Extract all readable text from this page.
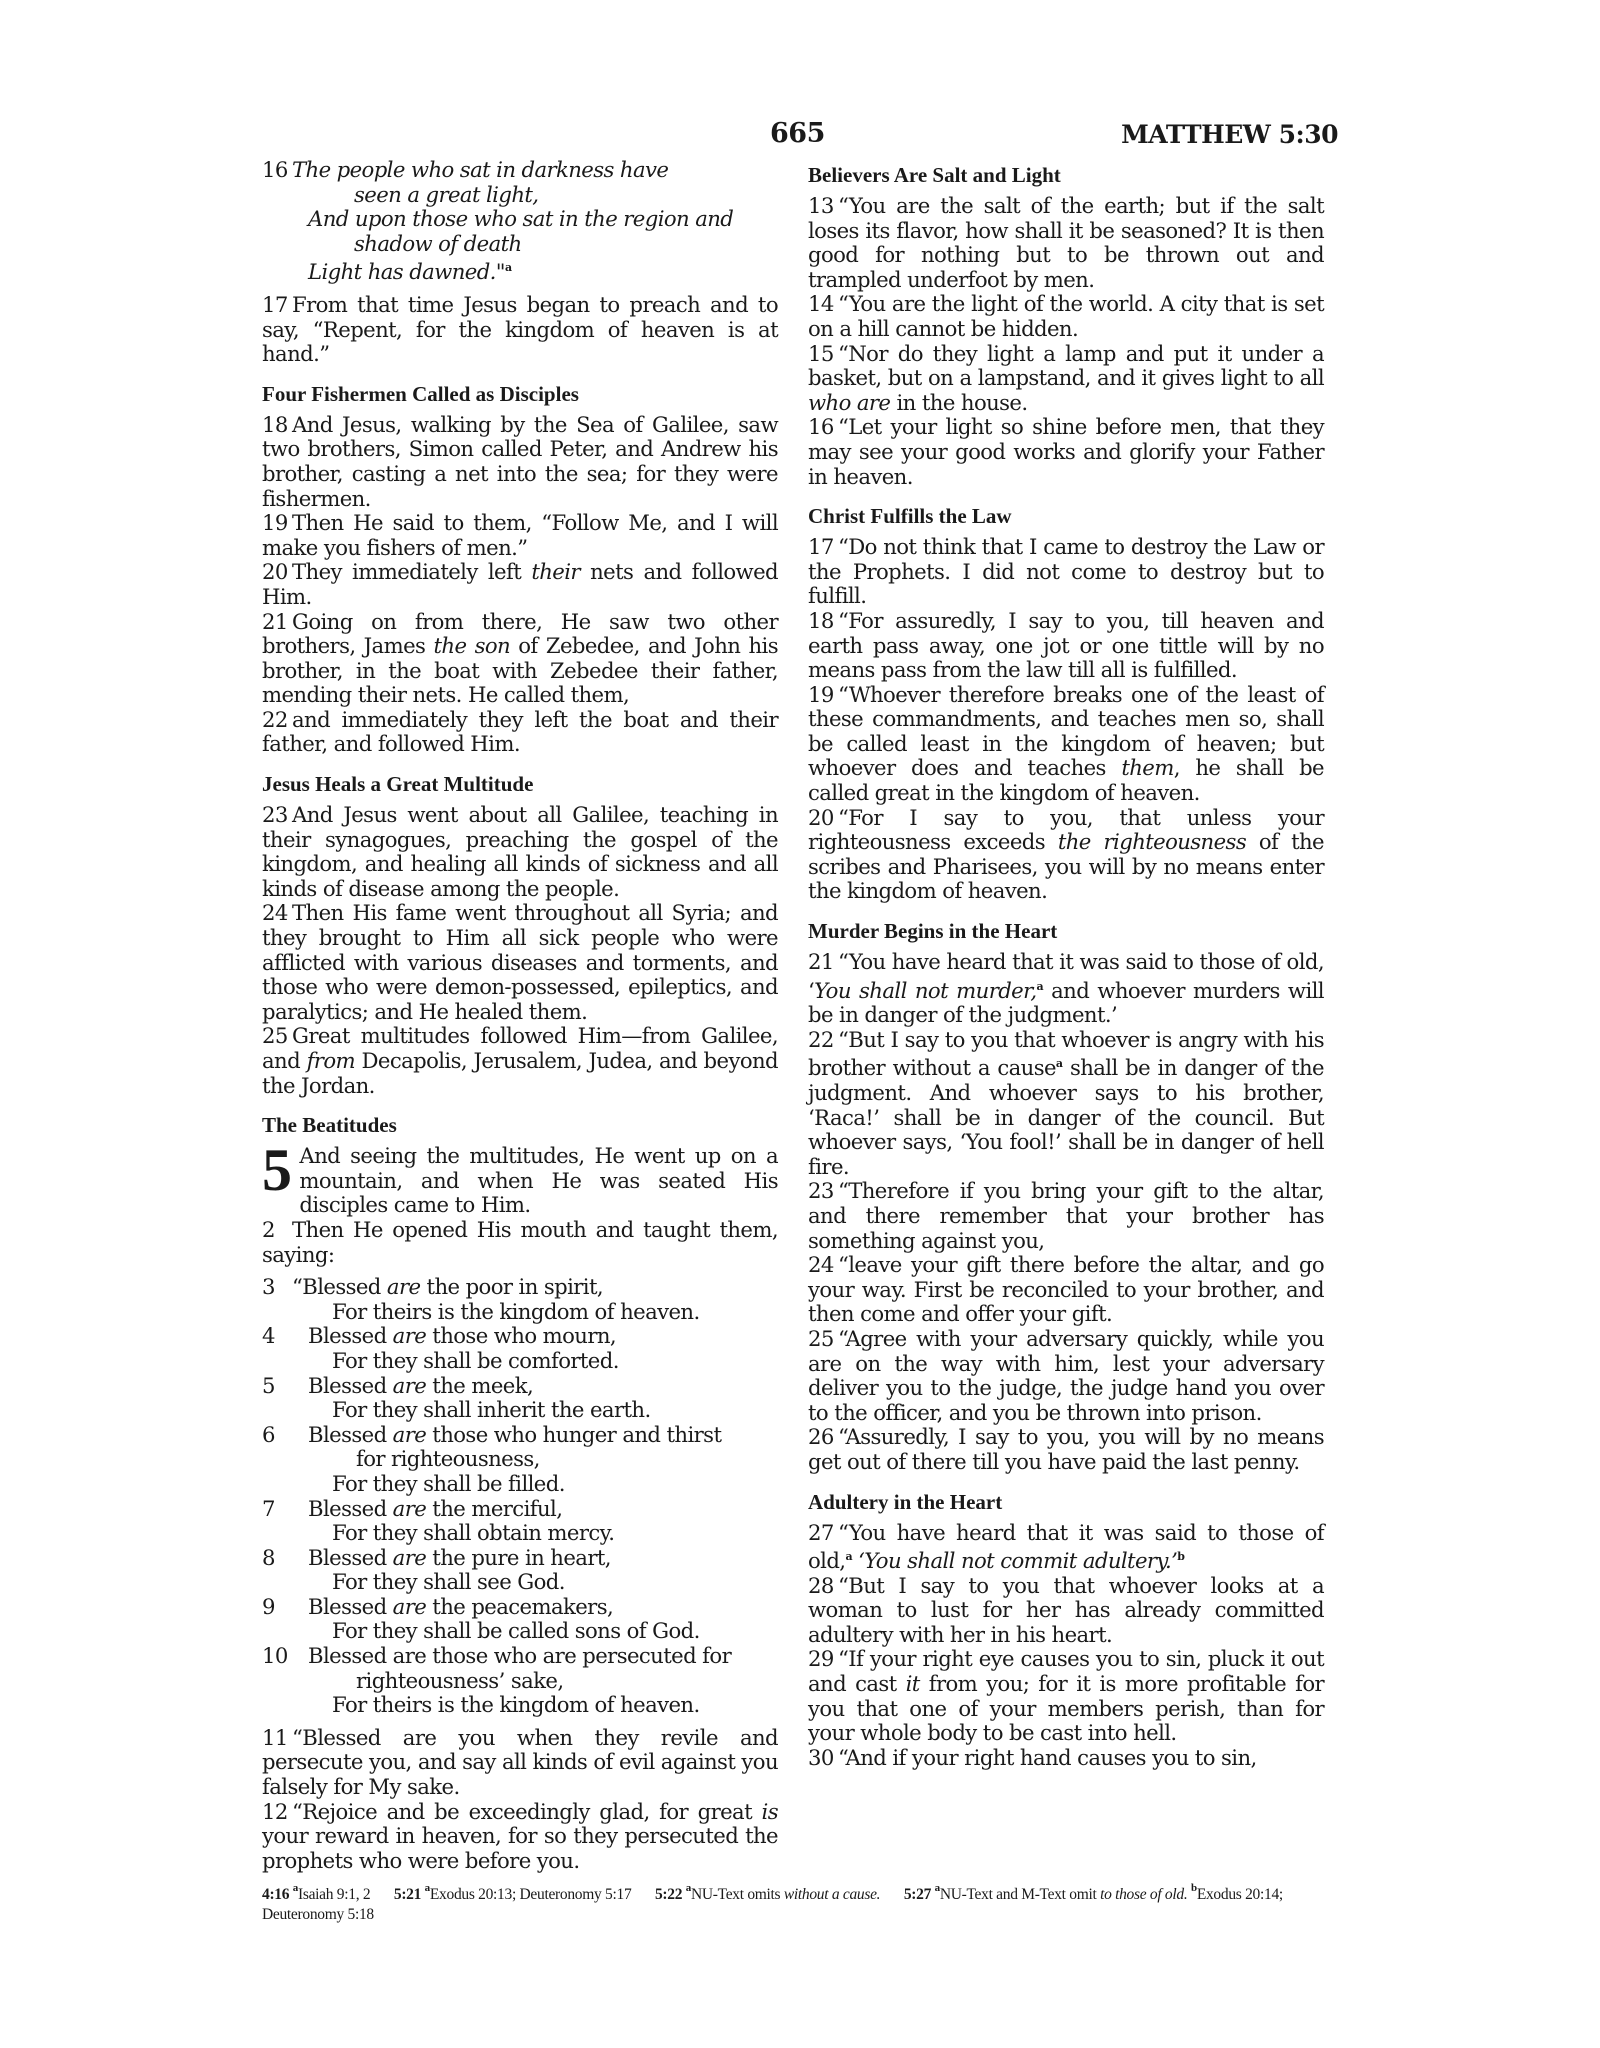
665	MATTHEW 5:30
16 The people who sat in darkness have
seen a great light,
And upon those who sat in the region and
shadow of death
Light has dawned."$^a$

17 From that time Jesus began to preach and to say, “Repent, for the kingdom of heaven is at hand.”

Four Fishermen Called as Disciples

18 And Jesus, walking by the Sea of Galilee, saw two brothers, Simon called Peter, and Andrew his brother, casting a net into the sea; for they were fishermen.

19 Then He said to them, “Follow Me, and I will make you fishers of men.”

20 They immediately left their nets and followed Him.

21 Going on from there, He saw two other brothers, James the son of Zebedee, and John his brother, in the boat with Zebedee their father, mending their nets. He called them,

22 and immediately they left the boat and their father, and followed Him.

Jesus Heals a Great Multitude

23 And Jesus went about all Galilee, teaching in their synagogues, preaching the gospel of the kingdom, and healing all kinds of sickness and all kinds of disease among the people.

24 Then His fame went throughout all Syria; and they brought to Him all sick people who were afflicted with various diseases and torments, and those who were demon-possessed, epileptics, and paralytics; and He healed them.

25 Great multitudes followed Him—from Galilee, and from Decapolis, Jerusalem, Judea, and beyond the Jordan.

The Beatitudes

5 And seeing the multitudes, He went up on a mountain, and when He was seated His disciples came to Him.

2 Then He opened His mouth and taught them, saying:

3 “Blessed are the poor in spirit,
For theirs is the kingdom of heaven.
4 Blessed are those who mourn,
For they shall be comforted.
5 Blessed are the meek,
For they shall inherit the earth.
6 Blessed are those who hunger and thirst
for righteousness,
For they shall be filled.
7 Blessed are the merciful,
For they shall obtain mercy.
8 Blessed are the pure in heart,
For they shall see God.
9 Blessed are the peacemakers,
For they shall be called sons of God.
10 Blessed are those who are persecuted for
righteousness’ sake,
For theirs is the kingdom of heaven.

11 “Blessed are you when they revile and persecute you, and say all kinds of evil against you falsely for My sake.

12 “Rejoice and be exceedingly glad, for great is your reward in heaven, for so they persecuted the prophets who were before you.

Believers Are Salt and Light

13 “You are the salt of the earth; but if the salt loses its flavor, how shall it be seasoned? It is then good for nothing but to be thrown out and trampled underfoot by men.

14 “You are the light of the world. A city that is set on a hill cannot be hidden.

15 “Nor do they light a lamp and put it under a basket, but on a lampstand, and it gives light to all who are in the house.

16 “Let your light so shine before men, that they may see your good works and glorify your Father in heaven.

Christ Fulfills the Law

17 “Do not think that I came to destroy the Law or the Prophets. I did not come to destroy but to fulfill.

18 “For assuredly, I say to you, till heaven and earth pass away, one jot or one tittle will by no means pass from the law till all is fulfilled.

19 “Whoever therefore breaks one of the least of these commandments, and teaches men so, shall be called least in the kingdom of heaven; but whoever does and teaches them, he shall be called great in the kingdom of heaven.

20 “For I say to you, that unless your righteousness exceeds the righteousness of the scribes and Pharisees, you will by no means enter the kingdom of heaven.

Murder Begins in the Heart

21 “You have heard that it was said to those of old, ‘You shall not murder,$^a$ and whoever murders will be in danger of the judgment.’

22 “But I say to you that whoever is angry with his brother without a cause$^a$ shall be in danger of the judgment. And whoever says to his brother, ‘Raca!’ shall be in danger of the council. But whoever says, ‘You fool!’ shall be in danger of hell fire.

23 “Therefore if you bring your gift to the altar, and there remember that your brother has something against you,

24 “leave your gift there before the altar, and go your way. First be reconciled to your brother, and then come and offer your gift.

25 “Agree with your adversary quickly, while you are on the way with him, lest your adversary deliver you to the judge, the judge hand you over to the officer, and you be thrown into prison.

26 “Assuredly, I say to you, you will by no means get out of there till you have paid the last penny.

Adultery in the Heart

27 “You have heard that it was said to those of old,$^a$ ‘You shall not commit adultery.’$^b$

28 “But I say to you that whoever looks at a woman to lust for her has already committed adultery with her in his heart.

29 “If your right eye causes you to sin, pluck it out and cast it from you; for it is more profitable for you that one of your members perish, than for your whole body to be cast into hell.

30 “And if your right hand causes you to sin,

4:16 $^a$Isaiah 9:1, 2 5:21 $^a$Exodus 20:13; Deuteronomy 5:17 5:22 $^a$NU-Text omits without a cause. 5:27 $^a$NU-Text and M-Text omit to those of old. $^b$Exodus 20:14; Deuteronomy 5:18
